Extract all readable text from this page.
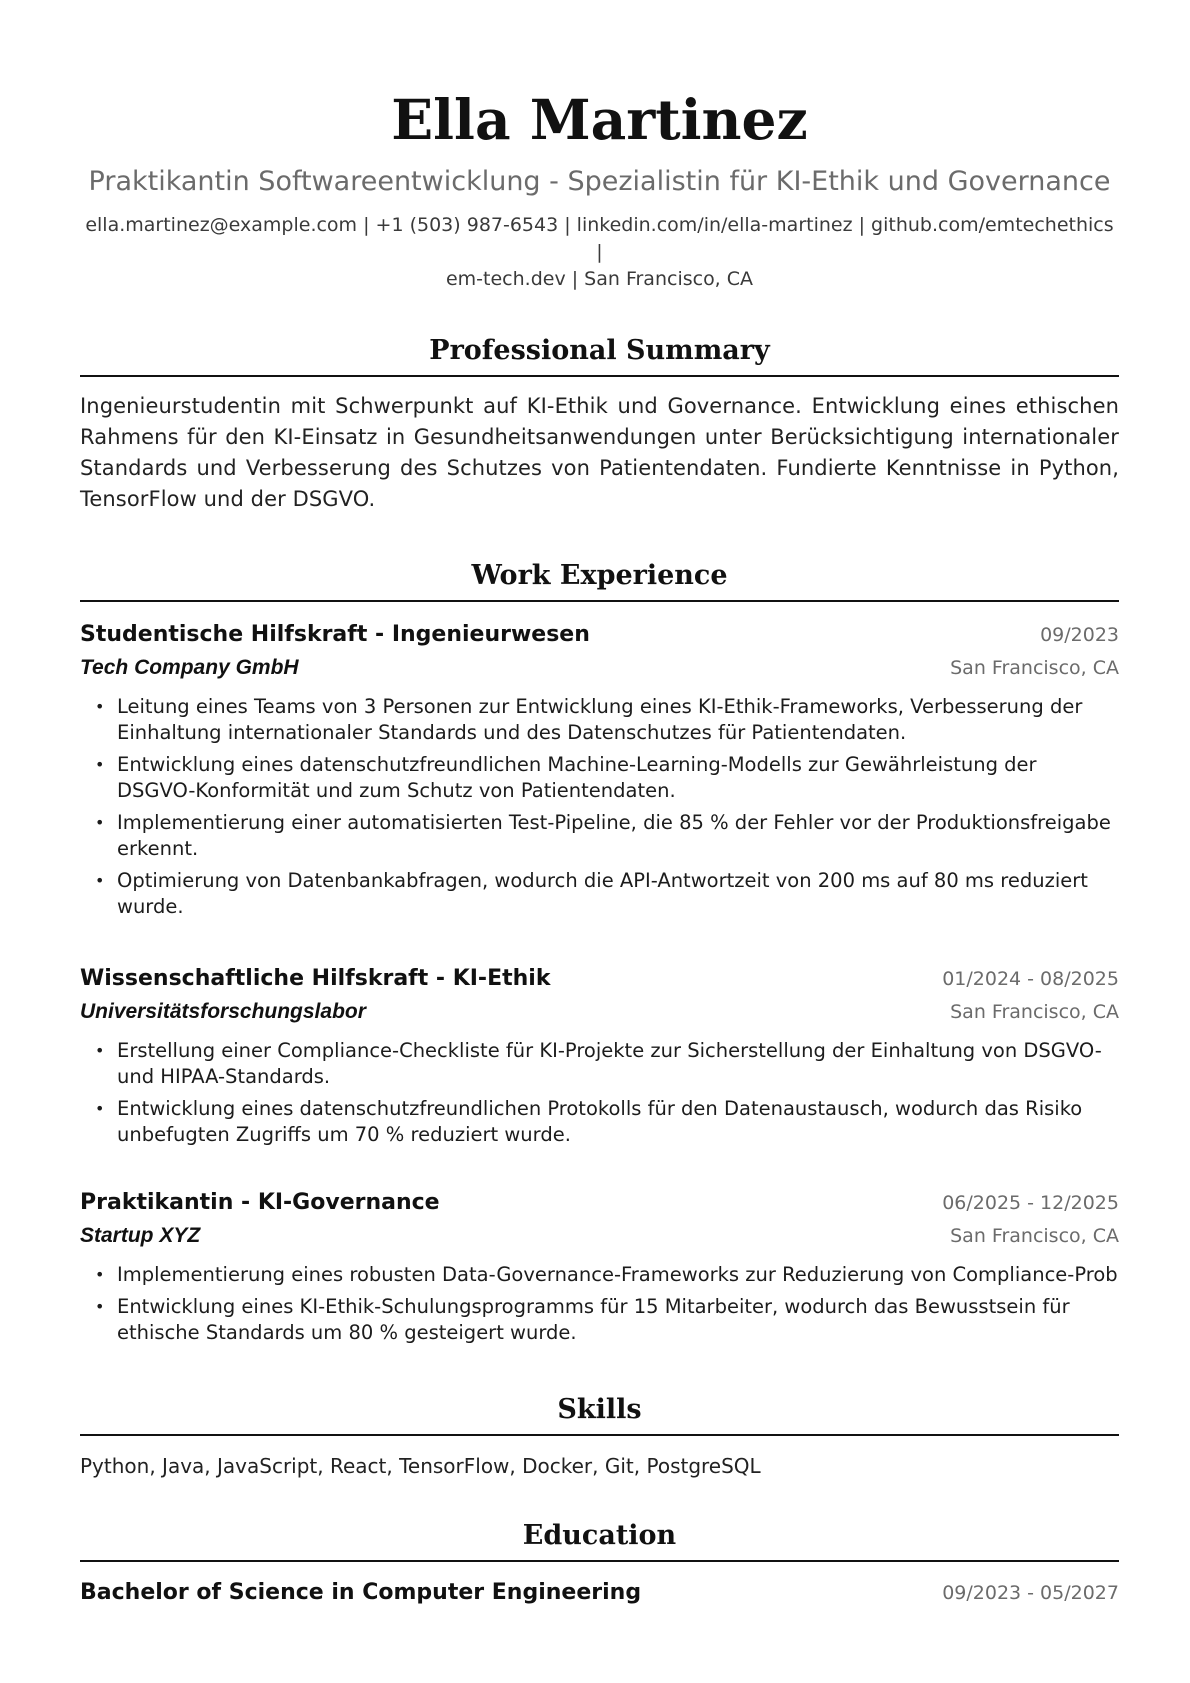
Ella Martinez
Praktikantin Softwareentwicklung - Spezialistin für KI-Ethik und Governance
ella.martinez@example.com | +1 (503) 987-6543 | linkedin.com/in/ella-martinez | github.com/emtechethics |
em-tech.dev | San Francisco, CA
Professional Summary
Ingenieurstudentin mit Schwerpunkt auf KI-Ethik und Governance. Entwicklung eines ethischen Rahmens für den KI-Einsatz in Gesundheitsanwendungen unter Berücksichtigung internationaler Standards und Verbesserung des Schutzes von Patientendaten. Fundierte Kenntnisse in Python, TensorFlow und der DSGVO.
Work Experience
Studentische Hilfskraft - Ingenieurwesen	09/2023
Tech Company GmbH	San Francisco, CA
• Leitung eines Teams von 3 Personen zur Entwicklung eines KI-Ethik-Frameworks, Verbesserung der Einhaltung internationaler Standards und des Datenschutzes für Patientendaten.
• Entwicklung eines datenschutzfreundlichen Machine-Learning-Modells zur Gewährleistung der DSGVO-Konformität und zum Schutz von Patientendaten.
• Implementierung einer automatisierten Test-Pipeline, die 85 % der Fehler vor der Produktionsfreigabe erkennt.
• Optimierung von Datenbankabfragen, wodurch die API-Antwortzeit von 200 ms auf 80 ms reduziert wurde.
Wissenschaftliche Hilfskraft - KI-Ethik	01/2024 - 08/2025
Universitätsforschungslabor	San Francisco, CA
• Erstellung einer Compliance-Checkliste für KI-Projekte zur Sicherstellung der Einhaltung von DSGVO- und HIPAA-Standards.
• Entwicklung eines datenschutzfreundlichen Protokolls für den Datenaustausch, wodurch das Risiko unbefugten Zugriffs um 70 % reduziert wurde.
Praktikantin - KI-Governance	06/2025 - 12/2025
Startup XYZ	San Francisco, CA
• Implementierung eines robusten Data-Governance-Frameworks zur Reduzierung von Compliance-Prob
• Entwicklung eines KI-Ethik-Schulungsprogramms für 15 Mitarbeiter, wodurch das Bewusstsein für ethische Standards um 80 % gesteigert wurde.
Skills
Python, Java, JavaScript, React, TensorFlow, Docker, Git, PostgreSQL
Education
Bachelor of Science in Computer Engineering	09/2023 - 05/2027
